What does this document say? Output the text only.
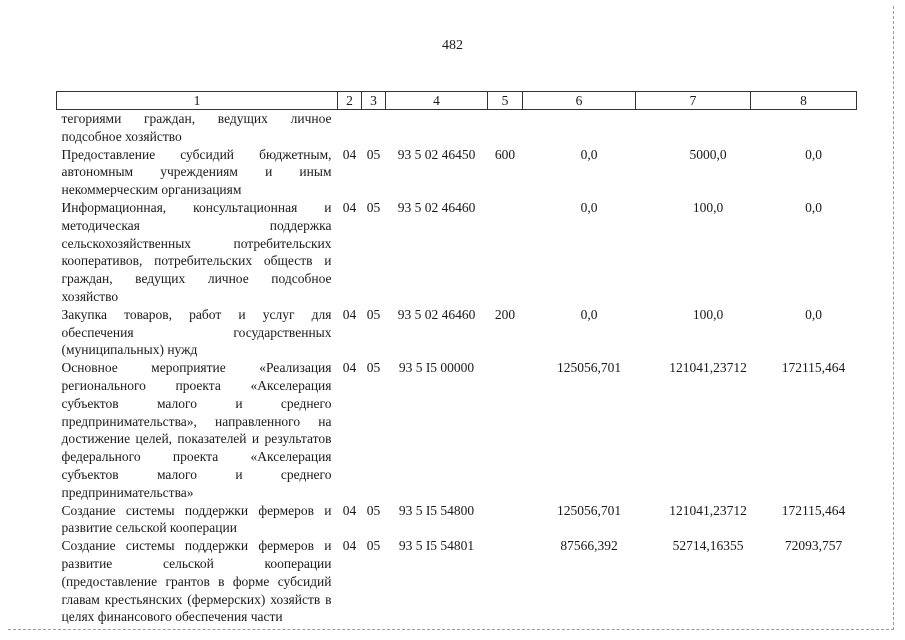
482
1	2	3	4	5	6	7	8
тегориями граждан, ведущих личное подсобное хозяйство							
Предоставление субсидий бюджетным, автономным учреждениям и иным некоммерческим организациям	04	05	93 5 02 46450	600	0,0	5000,0	0,0
Информационная, консультационная и методическая поддержка сельскохозяйственных потребительских кооперативов, потребительских обществ и граждан, ведущих личное подсобное хозяйство	04	05	93 5 02 46460		0,0	100,0	0,0
Закупка товаров, работ и услуг для обеспечения государственных (муниципальных) нужд	04	05	93 5 02 46460	200	0,0	100,0	0,0
Основное мероприятие «Реализация регионального проекта «Акселерация субъектов малого и среднего предпринимательства», направленного на достижение целей, показателей и результатов федерального проекта «Акселерация субъектов малого и среднего предпринимательства»	04	05	93 5 I5 00000		125056,701	121041,23712	172115,464
Создание системы поддержки фермеров и развитие сельской кооперации	04	05	93 5 I5 54800		125056,701	121041,23712	172115,464
Создание системы поддержки фермеров и развитие сельской кооперации (предоставление грантов в форме субсидий главам крестьянских (фермерских) хозяйств в целях финансового обеспечения части	04	05	93 5 I5 54801		87566,392	52714,16355	72093,757
